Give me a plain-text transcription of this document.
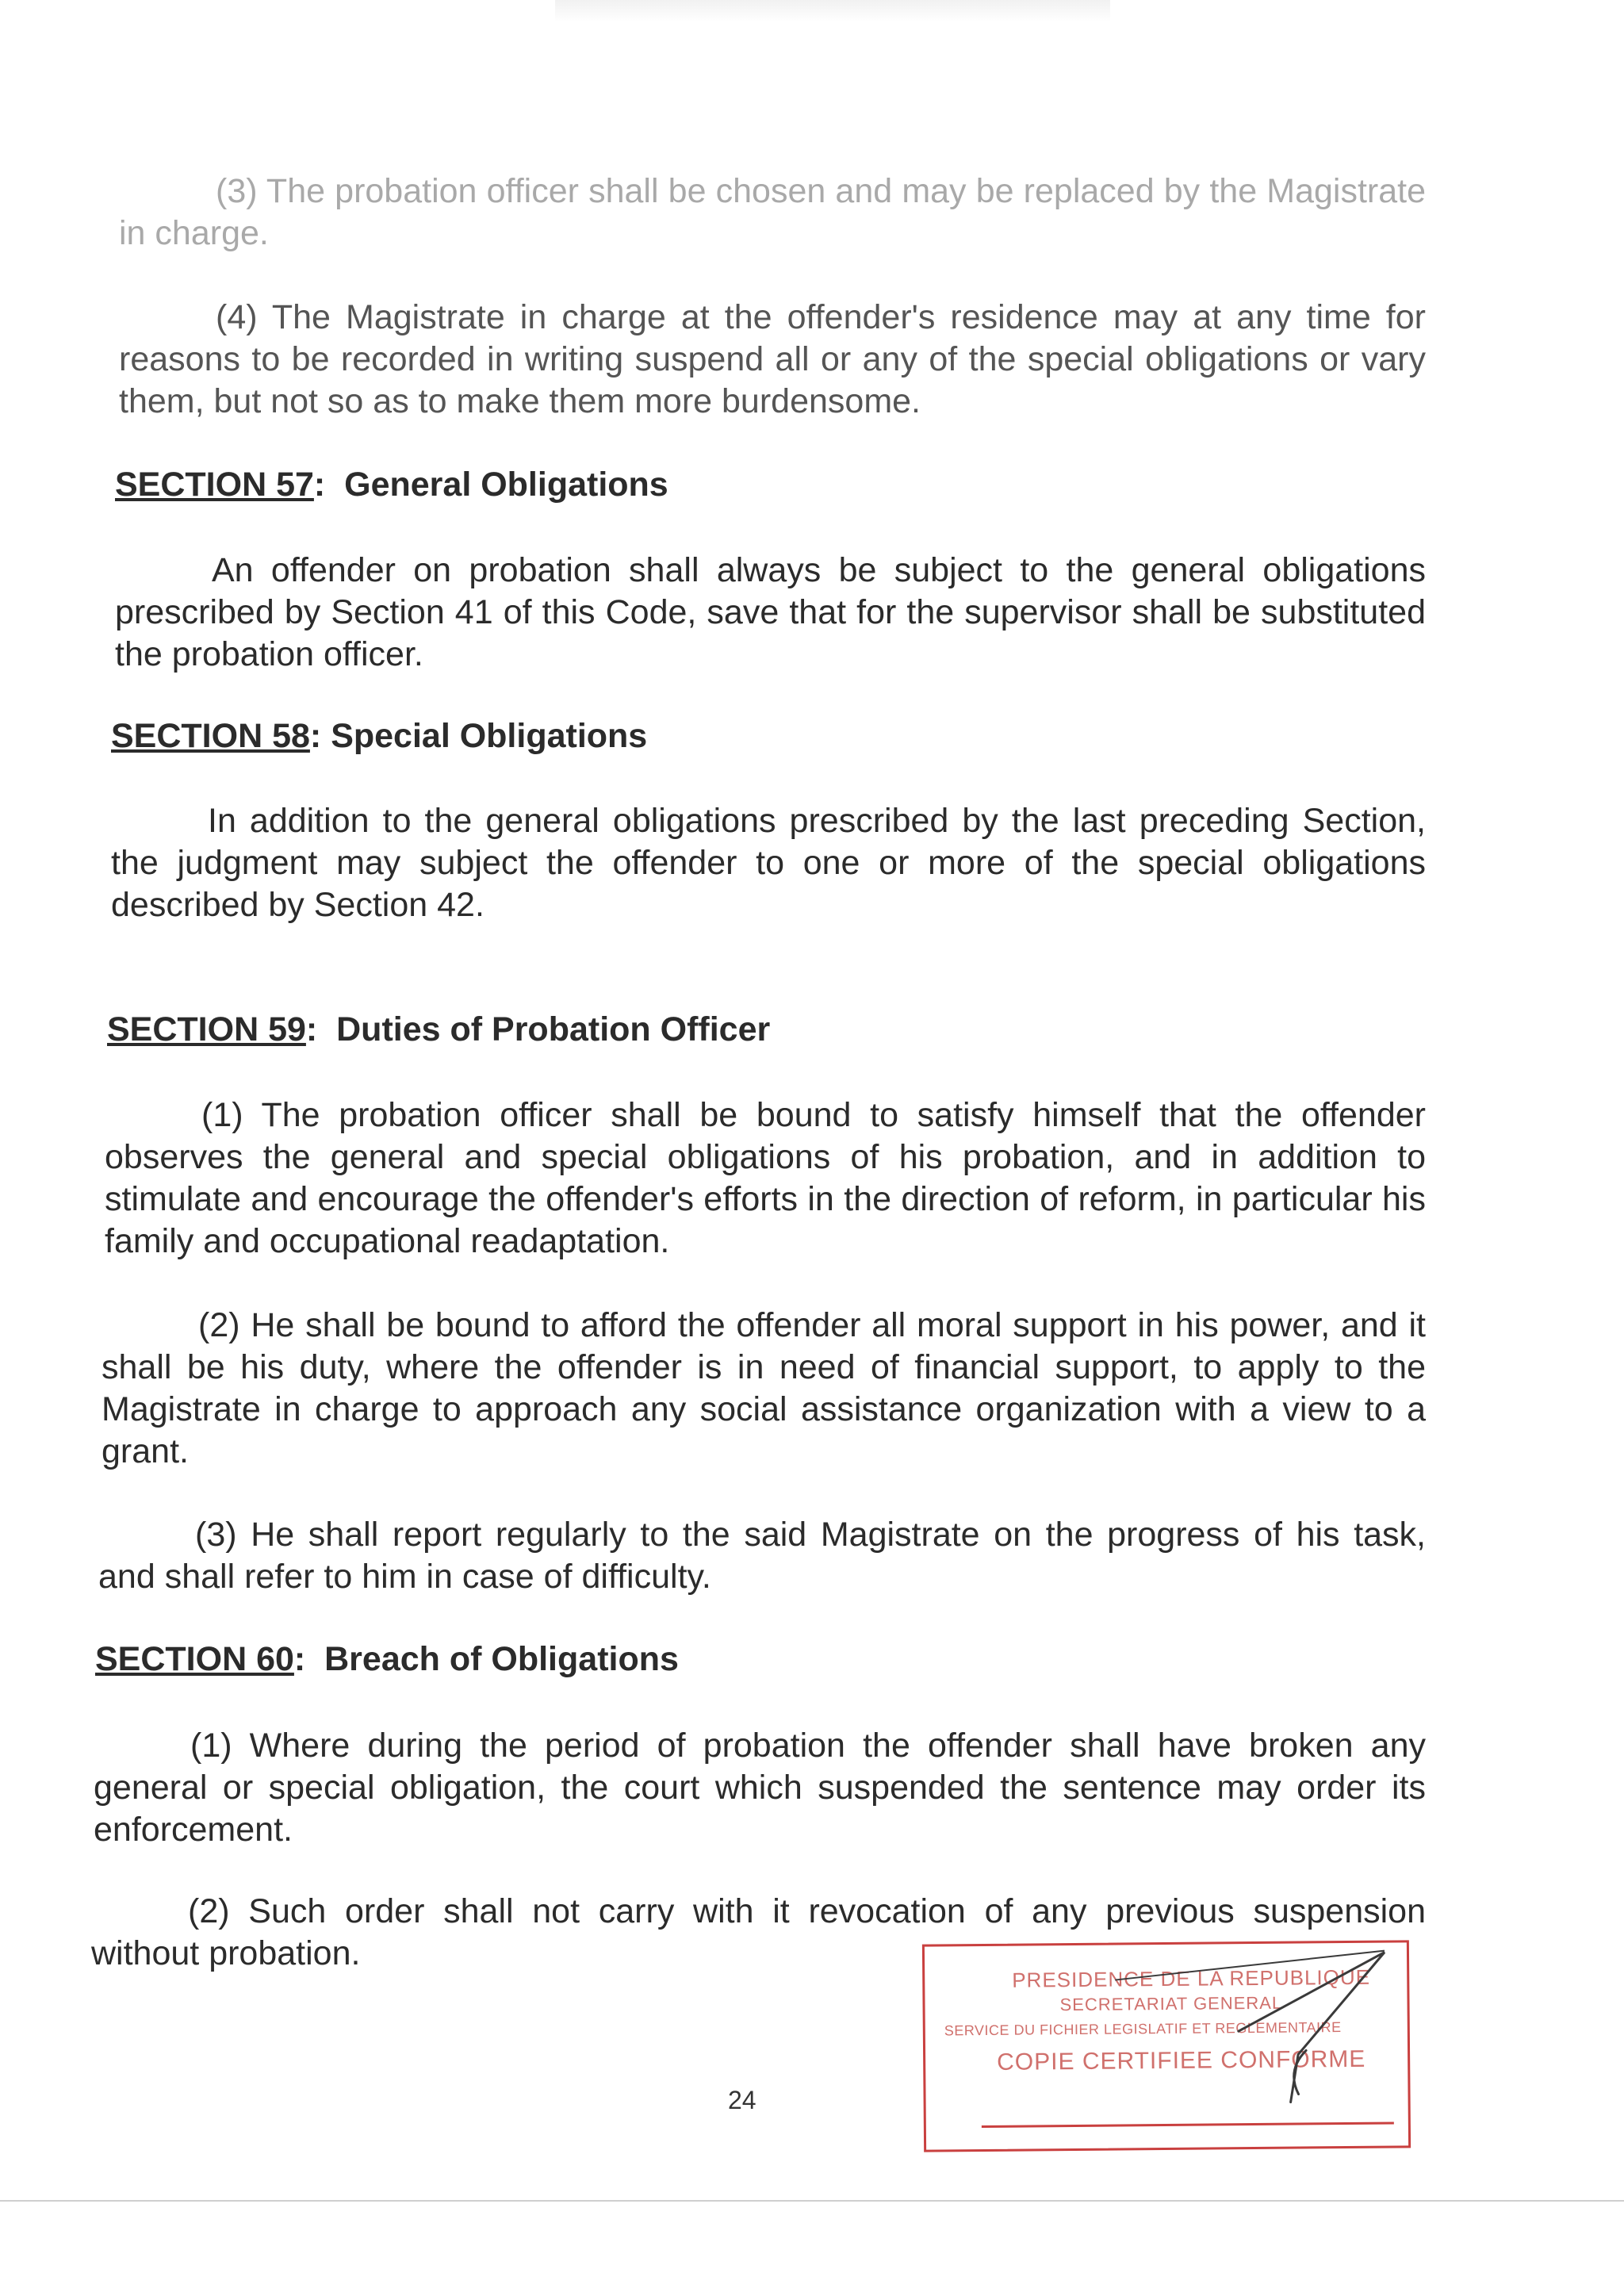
(3) The probation officer shall be chosen and may be replaced by the Magistrate in charge.

(4) The Magistrate in charge at the offender's residence may at any time for reasons to be recorded in writing suspend all or any of the special obligations or vary them, but not so as to make them more burdensome.

SECTION 57:  General Obligations

An offender on probation shall always be subject to the general obligations prescribed by Section 41 of this Code, save that for the supervisor shall be substituted the probation officer.

SECTION 58: Special Obligations

In addition to the general obligations prescribed by the last preceding Section, the judgment may subject the offender to one or more of the special obligations described by Section 42.

SECTION 59:  Duties of Probation Officer

(1) The probation officer shall be bound to satisfy himself that the offender observes the general and special obligations of his probation, and in addition to stimulate and encourage the offender's efforts in the direction of reform, in particular his family and occupational readaptation.

(2) He shall be bound to afford the offender all moral support in his power, and it shall be his duty, where the offender is in need of financial support, to apply to the Magistrate in charge to approach any social assistance organization with a view to a grant.

(3) He shall report regularly to the said Magistrate on the progress of his task, and shall refer to him in case of difficulty.

SECTION 60:  Breach of Obligations

(1) Where during the period of probation the offender shall have broken any general or special obligation, the court which suspended the sentence may order its enforcement.

(2) Such order shall not carry with it revocation of any previous suspension without probation.

24
PRESIDENCE DE LA REPUBLIQUE
SECRETARIAT GENERAL
SERVICE DU FICHIER LEGISLATIF ET REGLEMENTAIRE
COPIE CERTIFIEE CONFORME
